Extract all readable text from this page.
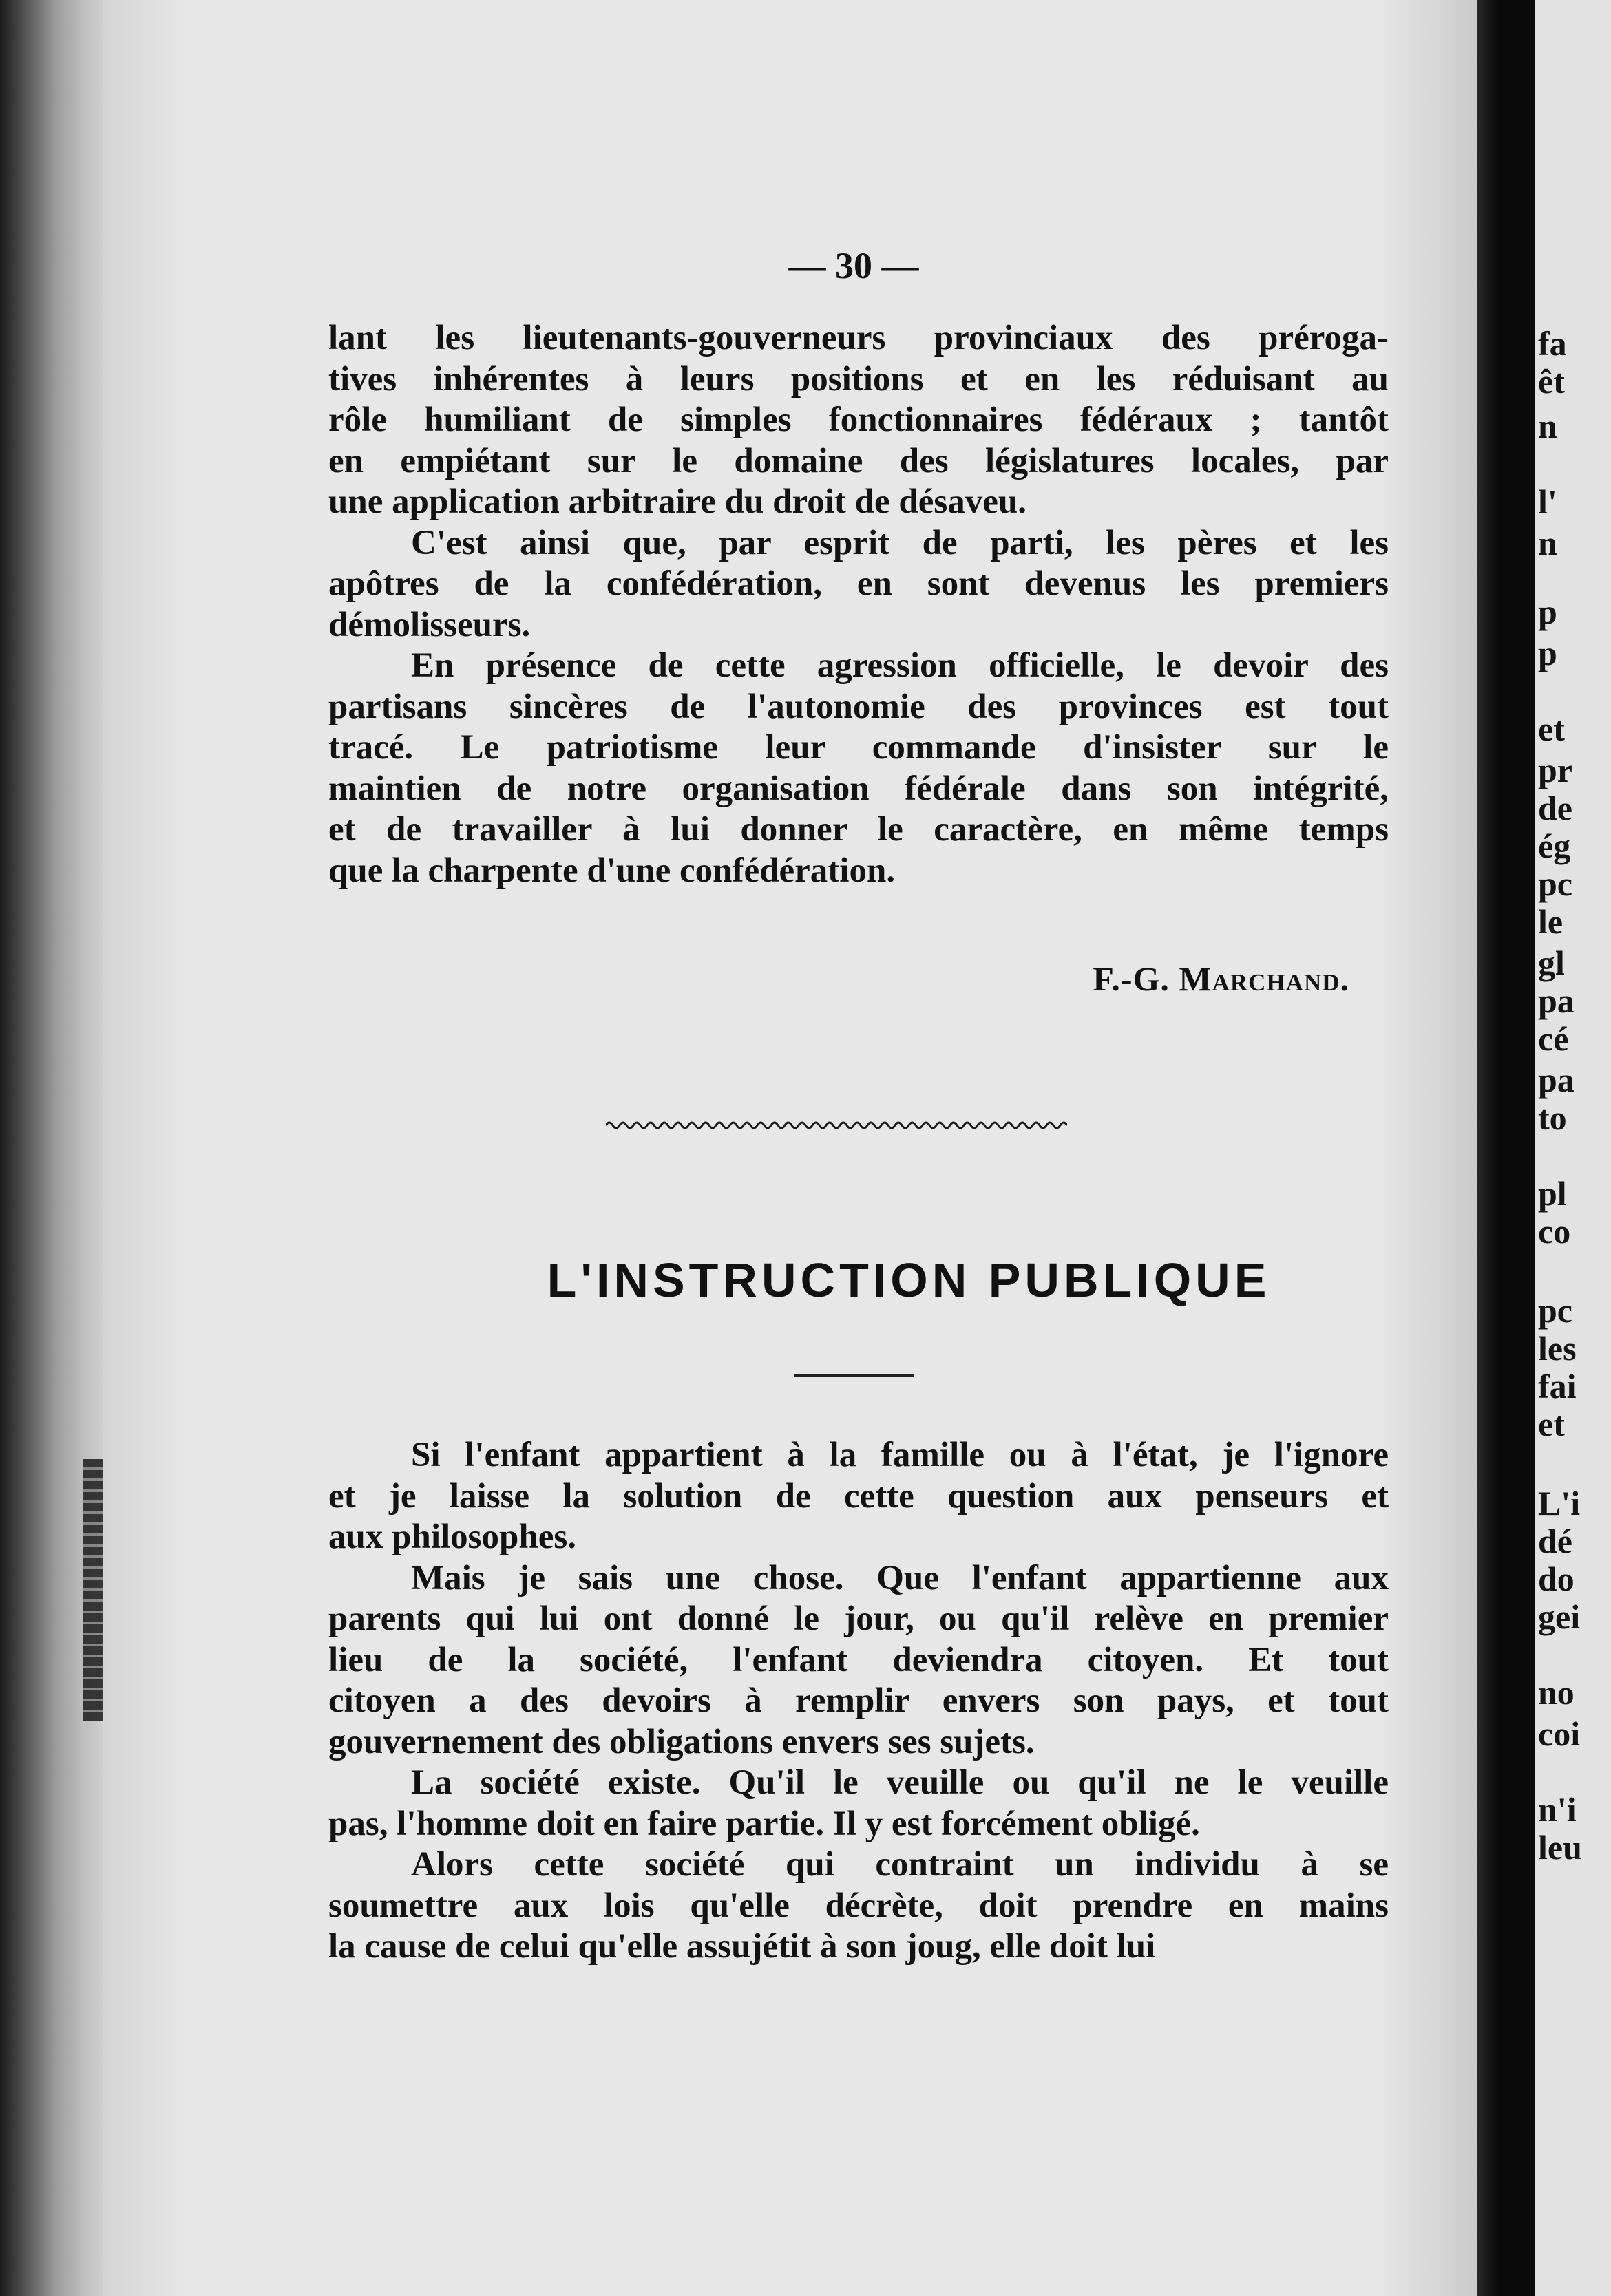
— 30 —

lant les lieutenants-gouverneurs provinciaux des préroga-
tives inhérentes à leurs positions et en les réduisant au
rôle humiliant de simples fonctionnaires fédéraux ; tantôt
en empiétant sur le domaine des législatures locales, par
une application arbitraire du droit de désaveu.

C'est ainsi que, par esprit de parti, les pères et les
apôtres de la confédération, en sont devenus les premiers
démolisseurs.

En présence de cette agression officielle, le devoir des
partisans sincères de l'autonomie des provinces est tout
tracé. Le patriotisme leur commande d'insister sur le
maintien de notre organisation fédérale dans son intégrité,
et de travailler à lui donner le caractère, en même temps
que la charpente d'une confédération.

F.-G. Marchand.
L'INSTRUCTION PUBLIQUE

Si l'enfant appartient à la famille ou à l'état, je l'ignore
et je laisse la solution de cette question aux penseurs et
aux philosophes.

Mais je sais une chose. Que l'enfant appartienne aux
parents qui lui ont donné le jour, ou qu'il relève en premier
lieu de la société, l'enfant deviendra citoyen. Et tout
citoyen a des devoirs à remplir envers son pays, et tout
gouvernement des obligations envers ses sujets.

La société existe. Qu'il le veuille ou qu'il ne le veuille
pas, l'homme doit en faire partie. Il y est forcément obligé.

Alors cette société qui contraint un individu à se
soumettre aux lois qu'elle décrète, doit prendre en mains
la cause de celui qu'elle assujétit à son joug, elle doit lui

fa
êt
n
l'
n
p
p
et
pr
de
ég
pc
le
gl
pa
cé
pa
to
pl
co
pc
les
fai
et
L'i
dé
do
gei
no
coi
n'i
leu
